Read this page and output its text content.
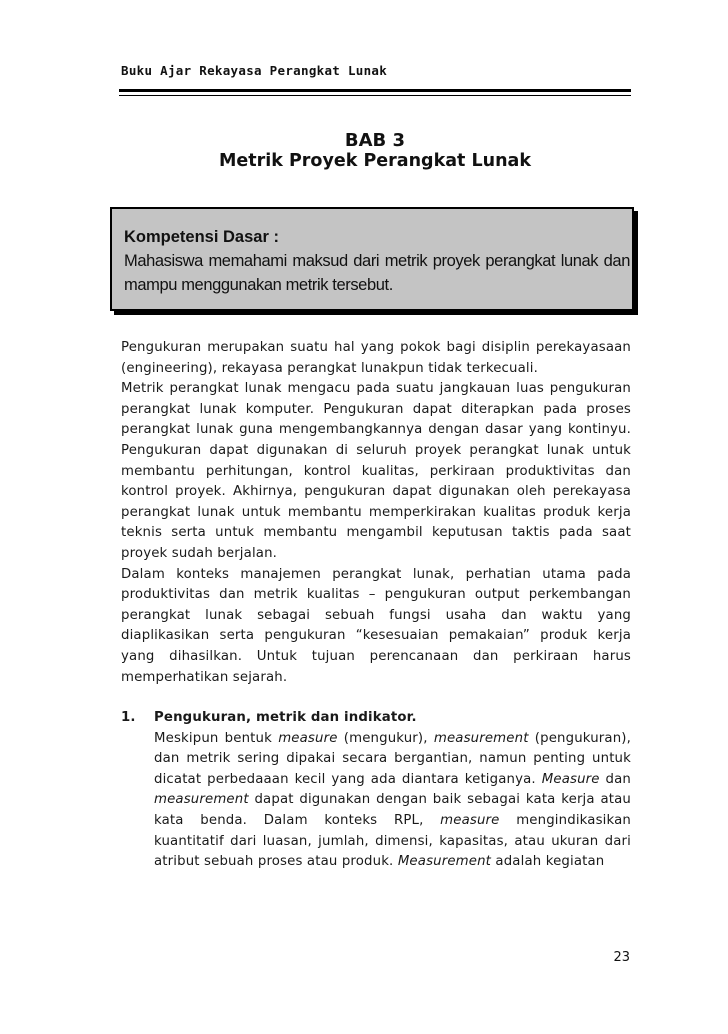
Buku Ajar Rekayasa Perangkat Lunak
BAB 3
Metrik Proyek Perangkat Lunak
Kompetensi Dasar :
Mahasiswa memahami maksud dari metrik proyek perangkat lunak dan mampu menggunakan metrik tersebut.

Pengukuran merupakan suatu hal yang pokok bagi disiplin perekayasaan (engineering), rekayasa perangkat lunakpun tidak terkecuali.

Metrik perangkat lunak mengacu pada suatu jangkauan luas pengukuran perangkat lunak komputer. Pengukuran dapat diterapkan pada proses perangkat lunak guna mengembangkannya dengan dasar yang kontinyu. Pengukuran dapat digunakan di seluruh proyek perangkat lunak untuk membantu perhitungan, kontrol kualitas, perkiraan produktivitas dan kontrol proyek. Akhirnya, pengukuran dapat digunakan oleh perekayasa perangkat lunak untuk membantu memperkirakan kualitas produk kerja teknis serta untuk membantu mengambil keputusan taktis pada saat proyek sudah berjalan.

Dalam konteks manajemen perangkat lunak, perhatian utama pada produktivitas dan metrik kualitas – pengukuran output perkembangan perangkat lunak sebagai sebuah fungsi usaha dan waktu yang diaplikasikan serta pengukuran “kesesuaian pemakaian” produk kerja yang dihasilkan. Untuk tujuan perencanaan dan perkiraan harus memperhatikan sejarah.

1. Pengukuran, metrik dan indikator.
Meskipun bentuk measure (mengukur), measurement (pengukuran), dan metrik sering dipakai secara bergantian, namun penting untuk dicatat perbedaaan kecil yang ada diantara ketiganya. Measure dan measurement dapat digunakan dengan baik sebagai kata kerja atau kata benda. Dalam konteks RPL, measure mengindikasikan kuantitatif dari luasan, jumlah, dimensi, kapasitas, atau ukuran dari atribut sebuah proses atau produk. Measurement adalah kegiatan
23
